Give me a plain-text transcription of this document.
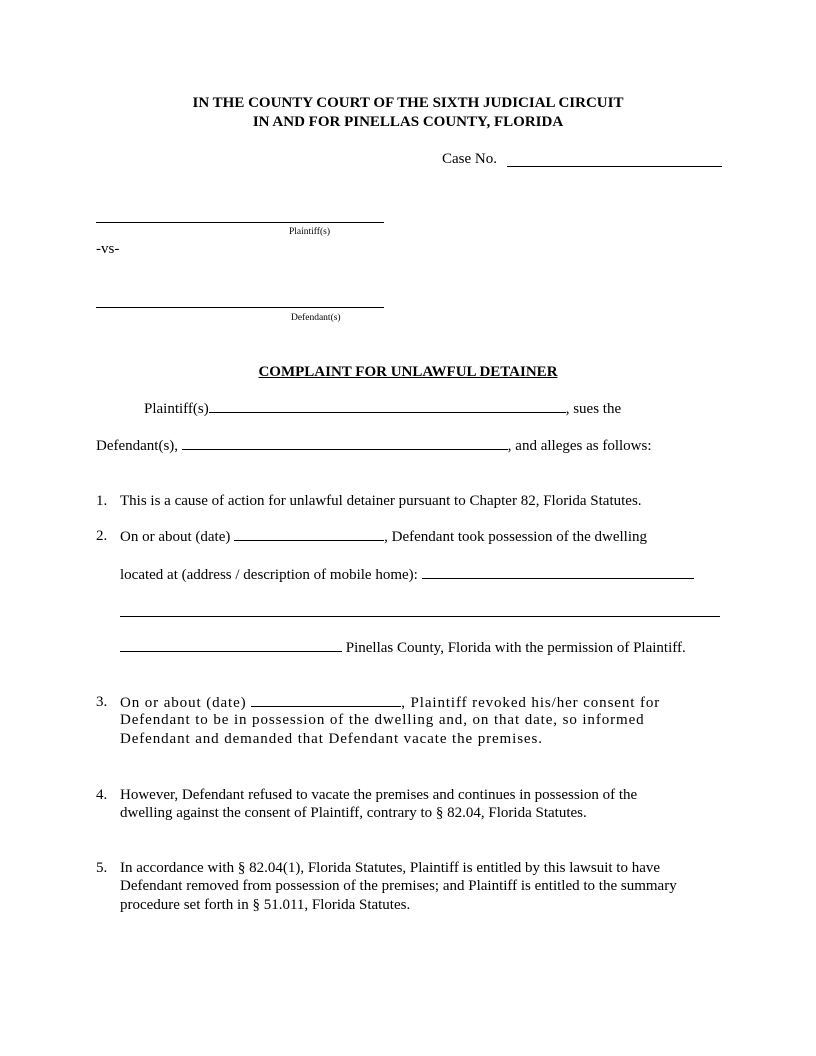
IN THE COUNTY COURT OF THE SIXTH JUDICIAL CIRCUIT
IN AND FOR PINELLAS COUNTY, FLORIDA
Case No.
Plaintiff(s)
-vs-
Defendant(s)
COMPLAINT FOR UNLAWFUL DETAINER
Plaintiff(s)	, sues the
Defendant(s),	, and alleges as follows:
1. This is a cause of action for unlawful detainer pursuant to Chapter 82, Florida Statutes.
2. On or about (date)	, Defendant took possession of the dwelling
located at (address / description of mobile home):
Pinellas County, Florida with the permission of Plaintiff.
3. On or about (date)	, Plaintiff revoked his/her consent for
Defendant to be in possession of the dwelling and, on that date, so informed
Defendant and demanded that Defendant vacate the premises.
4. However, Defendant refused to vacate the premises and continues in possession of the
dwelling against the consent of Plaintiff, contrary to § 82.04, Florida Statutes.
5. In accordance with § 82.04(1), Florida Statutes, Plaintiff is entitled by this lawsuit to have
Defendant removed from possession of the premises; and Plaintiff is entitled to the summary
procedure set forth in § 51.011, Florida Statutes.
